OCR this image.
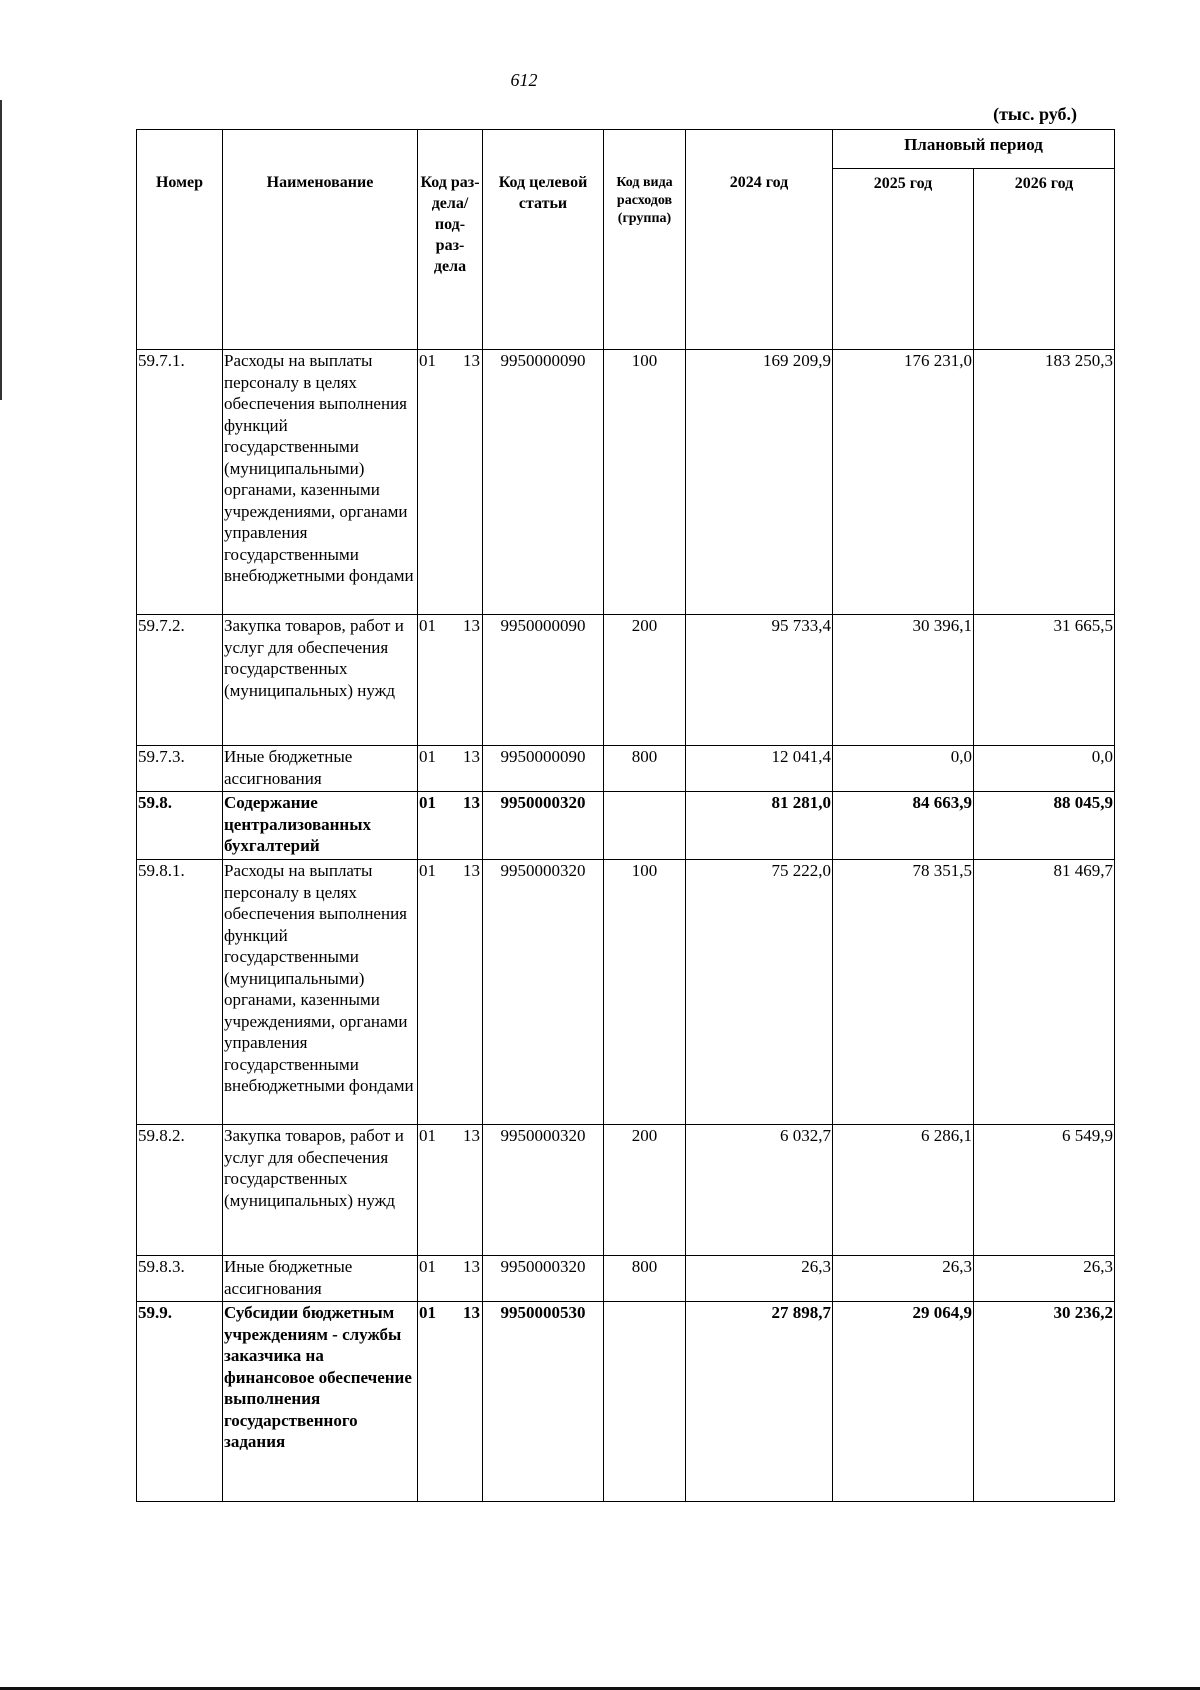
612
(тыс. руб.)
Номер	Наименование	Код раз- дела/ под- раз- дела	Код целевой статьи	Код вида расходов (группа)	2024 год	Плановый период	
						2025 год	2026 год
59.7.1.	Расходы на выплаты персоналу в целях обеспечения выполнения функций государственными (муниципальными) органами, казенными учреждениями, органами управления государственными внебюджетными фондами	01 13	9950000090	100	169 209,9	176 231,0	183 250,3
59.7.2.	Закупка товаров, работ и услуг для обеспечения государственных (муниципальных) нужд	01 13	9950000090	200	95 733,4	30 396,1	31 665,5
59.7.3.	Иные бюджетные ассигнования	01 13	9950000090	800	12 041,4	0,0	0,0
59.8.	Содержание централизованных бухгалтерий	01 13	9950000320		81 281,0	84 663,9	88 045,9
59.8.1.	Расходы на выплаты персоналу в целях обеспечения выполнения функций государственными (муниципальными) органами, казенными учреждениями, органами управления государственными внебюджетными фондами	01 13	9950000320	100	75 222,0	78 351,5	81 469,7
59.8.2.	Закупка товаров, работ и услуг для обеспечения государственных (муниципальных) нужд	01 13	9950000320	200	6 032,7	6 286,1	6 549,9
59.8.3.	Иные бюджетные ассигнования	01 13	9950000320	800	26,3	26,3	26,3
59.9.	Субсидии бюджетным учреждениям - службы заказчика на финансовое обеспечение выполнения государственного задания	01 13	9950000530		27 898,7	29 064,9	30 236,2
